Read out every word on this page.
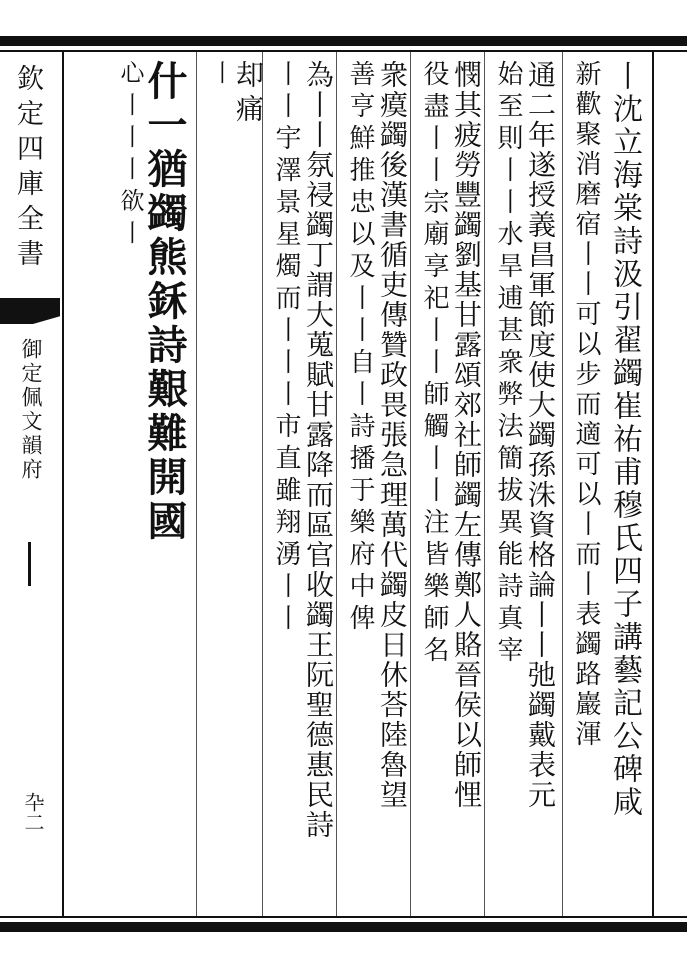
欽定四庫全書
御定佩文韻府
卆二	丨沈立海棠詩汲引翟蠲崔祐甫穆氏四子講藝記公碑咸
新歡聚消磨宿丨丨可以步而適可以丨而丨表蠲路巖渾
通二年遂授義昌軍節度使大蠲孫洙資格論丨丨弛蠲戴表元
始至則丨丨水旱逋甚衆弊法簡拔異能詩真宰
憫其疲勞豐蠲劉基甘露頌郊社師蠲左傳鄭人賂晉侯以師悝
役盡丨丨宗廟享祀丨丨師觸丨丨注皆樂師名
衆瘼蠲後漢書循吏傳贊政畏張急理萬代蠲皮日休荅陸魯望
善亨鮮推忠以及丨丨自丨詩播于樂府中俾
為丨丨氛祲蠲丁謂大蒐賦甘露降而區官收蠲王阮聖德惠民詩
丨丨宇澤景星燭而丨丨丨市直雖翔湧丨丨
却痛
丨
什一猶蠲熊鉌詩艱難開國
心丨丨丨欲丨
